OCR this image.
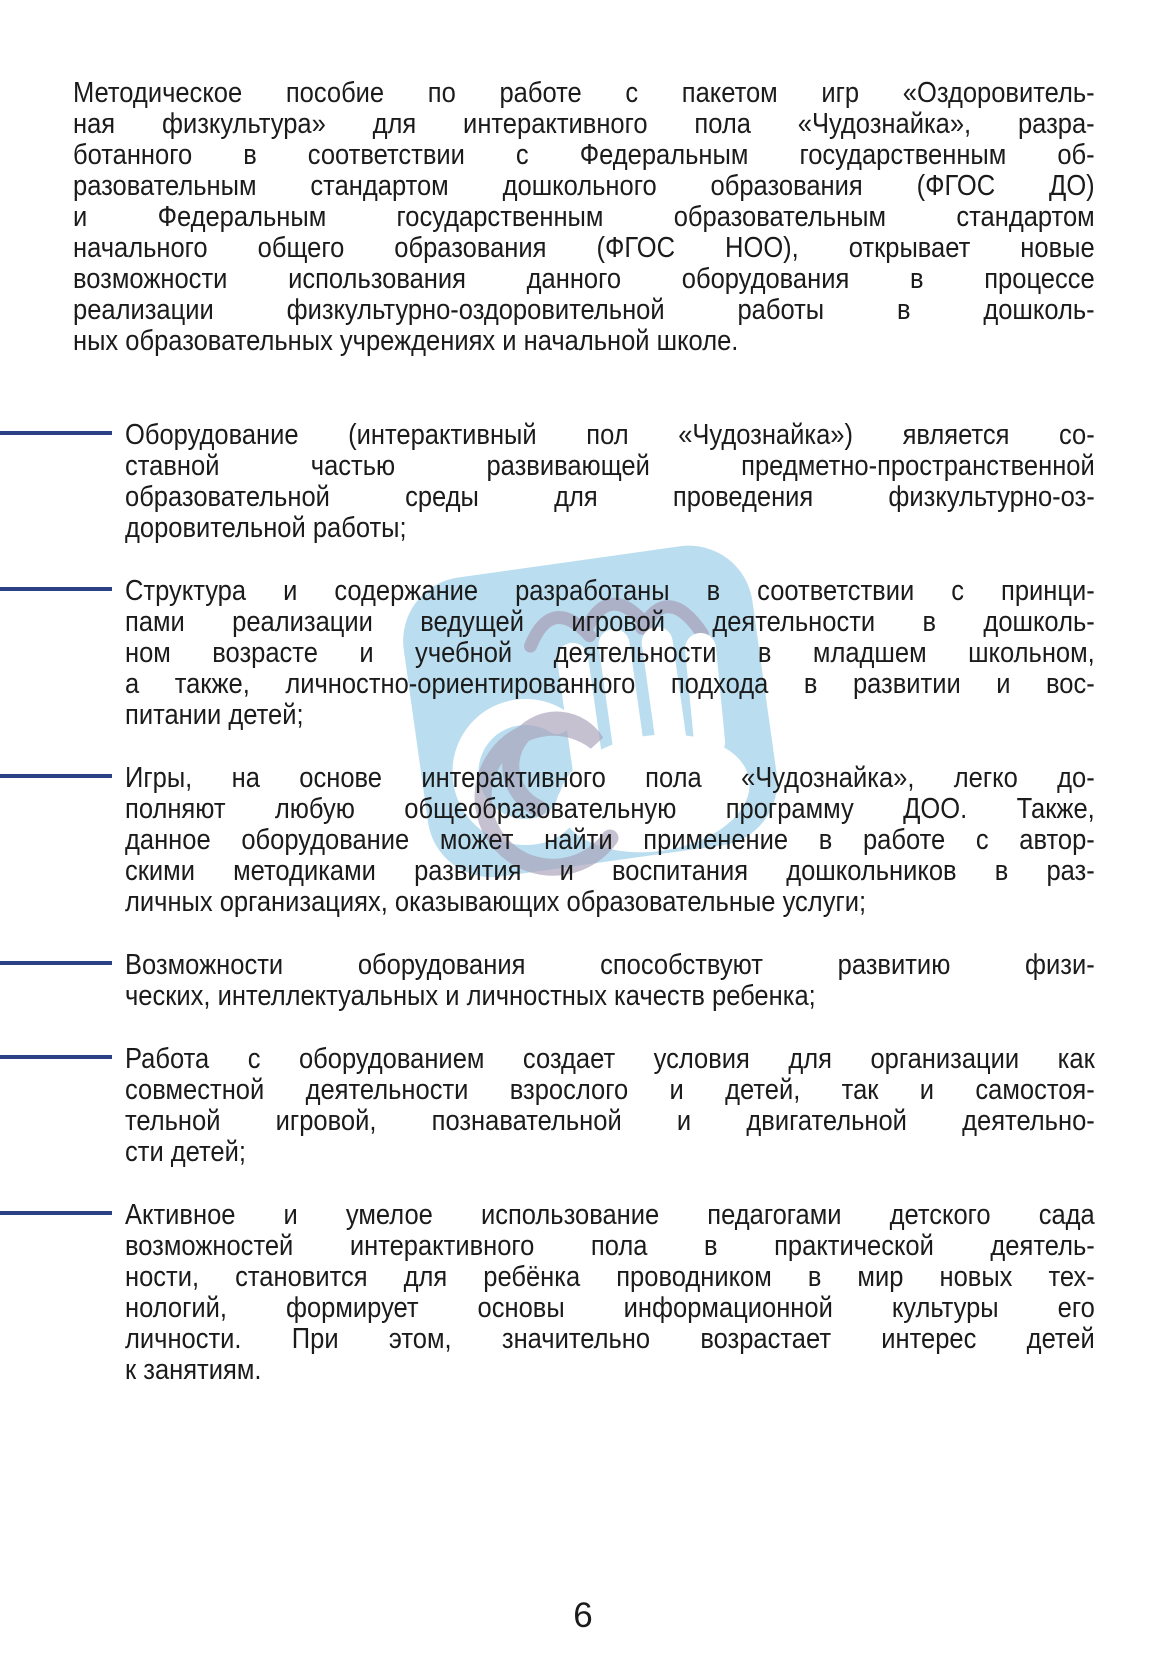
Методическое пособие по работе с пакетом игр «Оздоровитель-
ная физкультура» для интерактивного пола «Чудознайка», разра-
ботанного в соответствии с Федеральным государственным об-
разовательным стандартом дошкольного образования (ФГОС ДО)
и Федеральным государственным образовательным стандартом
начального общего образования (ФГОС НОО), открывает новые
возможности использования данного оборудования в процессе
реализации физкультурно-оздоровительной работы в дошколь-
ных образовательных учреждениях и начальной школе.
Оборудование (интерактивный пол «Чудознайка») является со-
ставной частью развивающей предметно-пространственной
образовательной среды для проведения физкультурно-оз-
доровительной работы;
Структура и содержание разработаны в соответствии с принци-
пами реализации ведущей игровой деятельности в дошколь-
ном возрасте и учебной деятельности в младшем школьном,
а также, личностно-ориентированного подхода в развитии и вос-
питании детей;
Игры, на основе интерактивного пола «Чудознайка», легко до-
полняют любую общеобразовательную программу ДОО. Также,
данное оборудование может найти применение в работе с автор-
скими методиками развития и воспитания дошкольников в раз-
личных организациях, оказывающих образовательные услуги;
Возможности оборудования способствуют развитию физи-
ческих, интеллектуальных и личностных качеств ребенка;
Работа с оборудованием создает условия для организации как
совместной деятельности взрослого и детей, так и самостоя-
тельной игровой, познавательной и двигательной деятельно-
сти детей;
Активное и умелое использование педагогами детского сада
возможностей интерактивного пола в практической деятель-
ности, становится для ребёнка проводником в мир новых тех-
нологий, формирует основы информационной культуры его
личности. При этом, значительно возрастает интерес детей
к занятиям.
6
